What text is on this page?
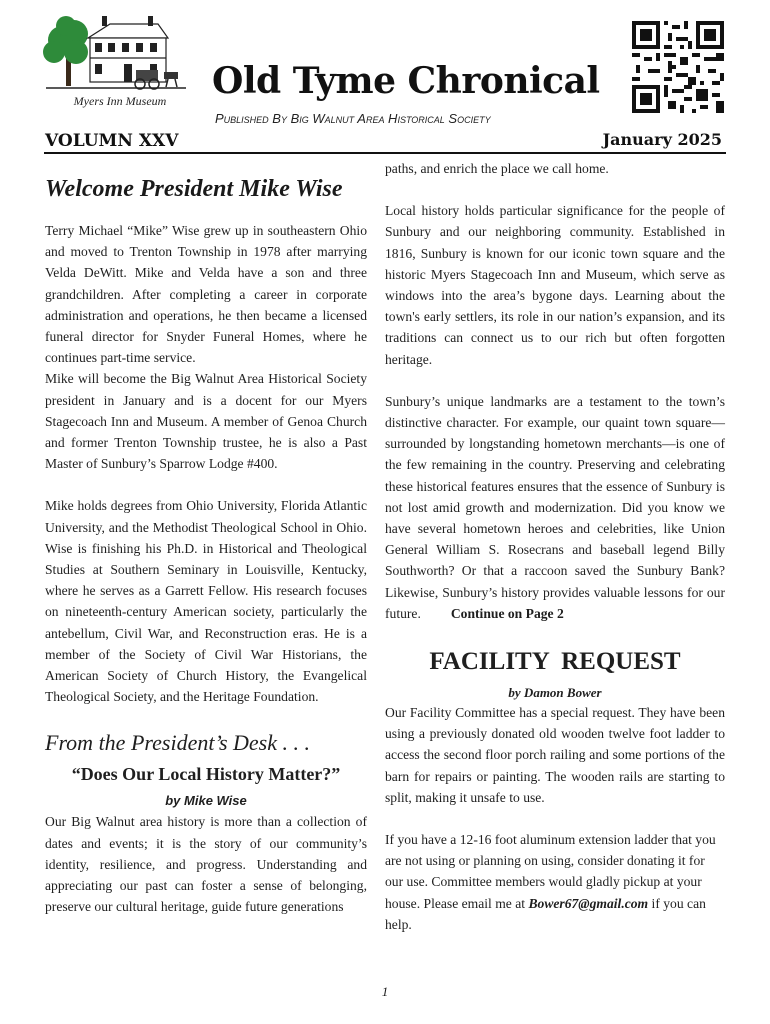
Myers Inn Museum	Old Tyme Chronical
Published By Big Walnut Area Historical Society
VOLUMN XXV	January 2025
Welcome President Mike Wise

Terry Michael “Mike” Wise grew up in southeastern Ohio and moved to Trenton Township in 1978 after marrying Velda DeWitt. Mike and Velda have a son and three grandchildren. After completing a career in corporate administration and operations, he then became a licensed funeral director for Snyder Funeral Homes, where he continues part-time service.

Mike will become the Big Walnut Area Historical Society president in January and is a docent for our Myers Stagecoach Inn and Museum. A member of Genoa Church and former Trenton Township trustee, he is also a Past Master of Sunbury’s Sparrow Lodge #400.

Mike holds degrees from Ohio University, Florida Atlantic University, and the Methodist Theological School in Ohio. Wise is finishing his Ph.D. in Historical and Theological Studies at Southern Seminary in Louisville, Kentucky, where he serves as a Garrett Fellow. His research focuses on nineteenth-century American society, particularly the antebellum, Civil War, and Reconstruction eras. He is a member of the Society of Civil War Historians, the American Society of Church History, the Evangelical Theological Society, and the Heritage Foundation.

From the President’s Desk . . .
“Does Our Local History Matter?”
by Mike Wise

Our Big Walnut area history is more than a collection of dates and events; it is the story of our community’s identity, resilience, and progress. Understanding and appreciating our past can foster a sense of belonging, preserve our cultural heritage, guide future generations

paths, and enrich the place we call home.

Local history holds particular significance for the people of Sunbury and our neighboring community. Established in 1816, Sunbury is known for our iconic town square and the historic Myers Stagecoach Inn and Museum, which serve as windows into the area’s bygone days. Learning about the town's early settlers, its role in our nation’s expansion, and its traditions can connect us to our rich but often forgotten heritage.

Sunbury’s unique landmarks are a testament to the town’s distinctive character. For example, our quaint town square—surrounded by longstanding hometown merchants—is one of the few remaining in the country. Preserving and celebrating these historical features ensures that the essence of Sunbury is not lost amid growth and modernization. Did you know we have several hometown heroes and celebrities, like Union General William S. Rosecrans and baseball legend Billy Southworth? Or that a raccoon saved the Sunbury Bank? Likewise, Sunbury’s history provides valuable lessons for our future. Continue on Page 2

FACILITY REQUEST
by Damon Bower

Our Facility Committee has a special request. They have been using a previously donated old wooden twelve foot ladder to access the second floor porch railing and some portions of the barn for repairs or painting. The wooden rails are starting to split, making it unsafe to use.

If you have a 12-16 foot aluminum extension ladder that you are not using or planning on using, consider donating it for our use. Committee members would gladly pickup at your house. Please email me at Bower67@gmail.com if you can help.

1
